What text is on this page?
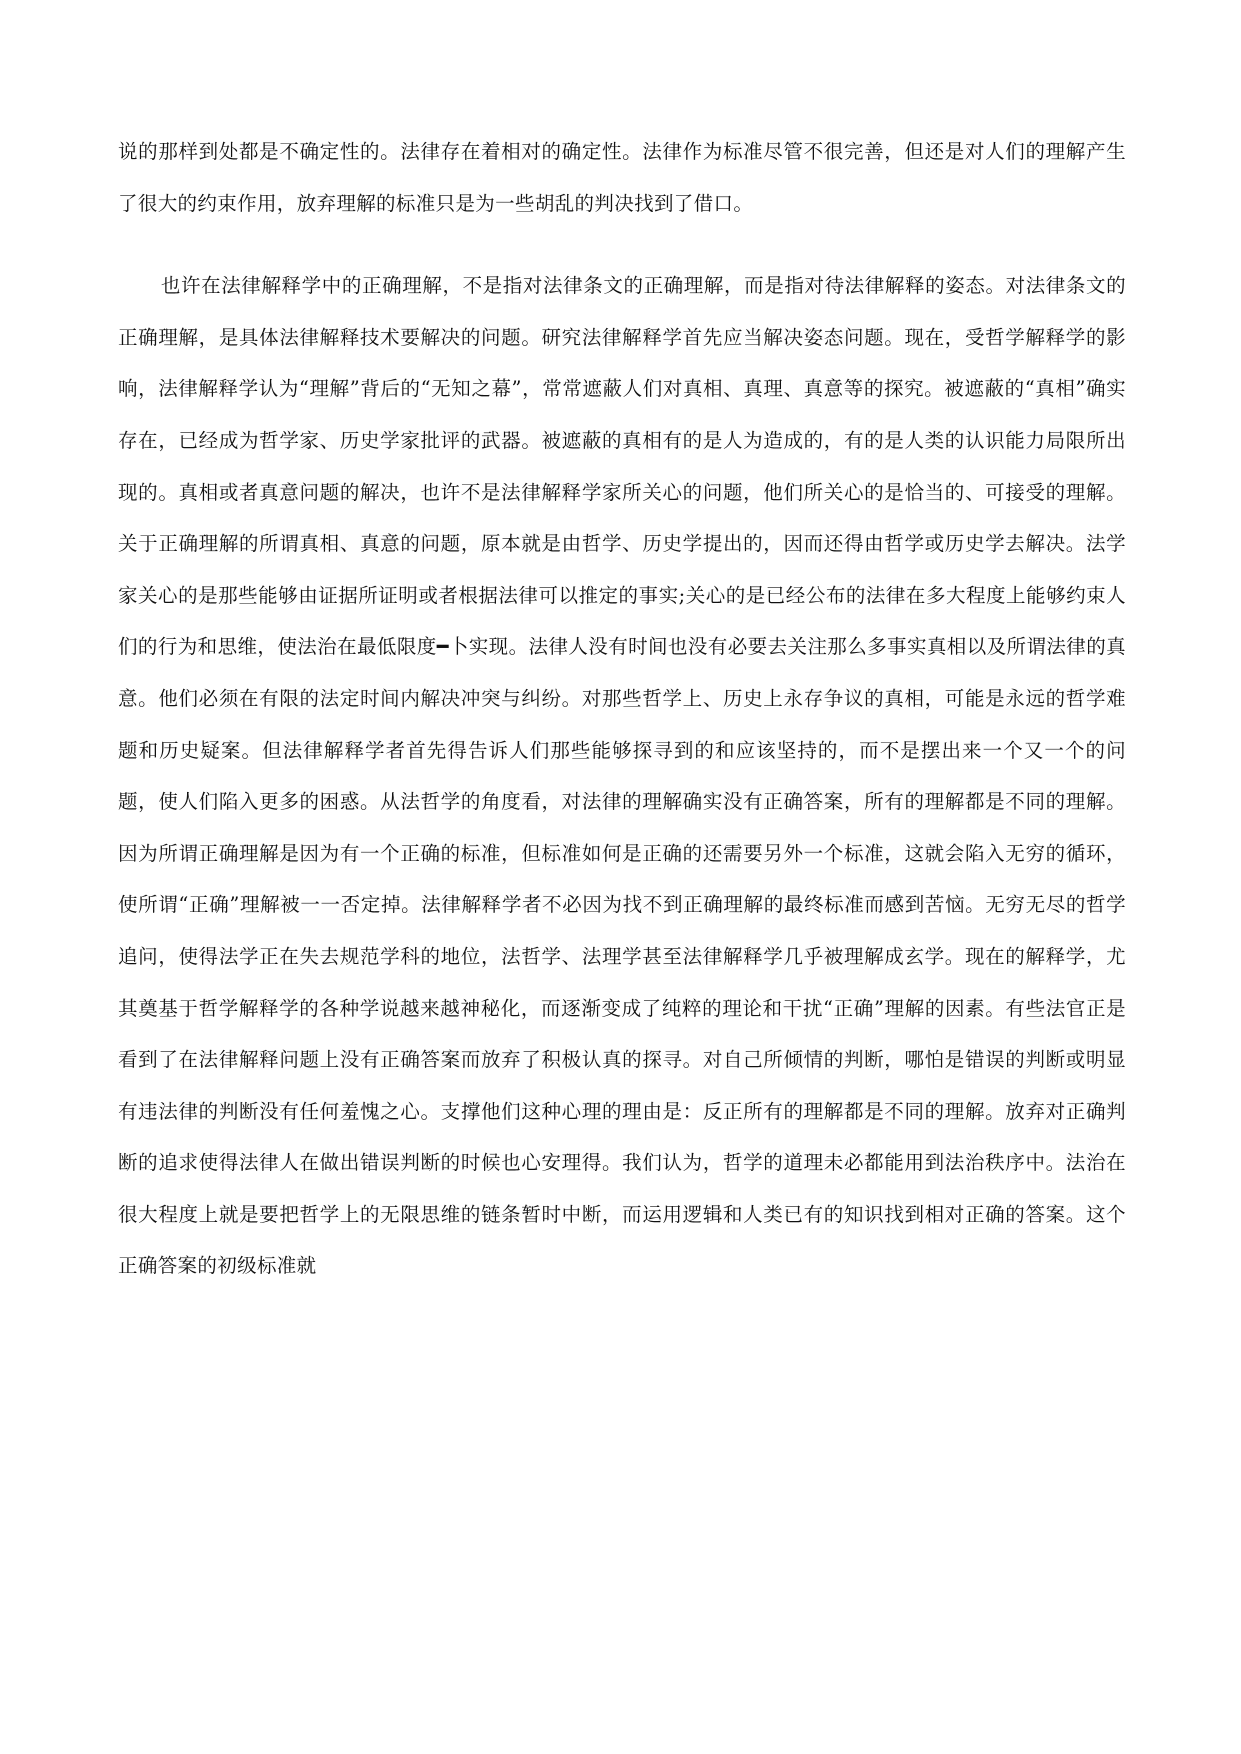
说的那样到处都是不确定性的。法律存在着相对的确定性。法律作为标准尽管不很完善，但还是对人们的理解产生了很大的约束作用，放弃理解的标准只是为一些胡乱的判决找到了借口。

也许在法律解释学中的正确理解，不是指对法律条文的正确理解，而是指对待法律解释的姿态。对法律条文的正确理解，是具体法律解释技术要解决的问题。研究法律解释学首先应当解决姿态问题。现在，受哲学解释学的影响，法律解释学认为“理解”背后的“无知之幕”，常常遮蔽人们对真相、真理、真意等的探究。被遮蔽的“真相”确实存在，已经成为哲学家、历史学家批评的武器。被遮蔽的真相有的是人为造成的，有的是人类的认识能力局限所出现的。真相或者真意问题的解决，也许不是法律解释学家所关心的问题，他们所关心的是恰当的、可接受的理解。关于正确理解的所谓真相、真意的问题，原本就是由哲学、历史学提出的，因而还得由哲学或历史学去解决。法学家关心的是那些能够由证据所证明或者根据法律可以推定的事实;关心的是已经公布的法律在多大程度上能够约束人们的行为和思维，使法治在最低限度━卜实现。法律人没有时间也没有必要去关注那么多事实真相以及所谓法律的真意。他们必须在有限的法定时间内解决冲突与纠纷。对那些哲学上、历史上永存争议的真相，可能是永远的哲学难题和历史疑案。但法律解释学者首先得告诉人们那些能够探寻到的和应该坚持的，而不是摆出来一个又一个的问题，使人们陷入更多的困惑。从法哲学的角度看，对法律的理解确实没有正确答案，所有的理解都是不同的理解。因为所谓正确理解是因为有一个正确的标准，但标准如何是正确的还需要另外一个标准，这就会陷入无穷的循环，使所谓“正确”理解被一一否定掉。法律解释学者不必因为找不到正确理解的最终标准而感到苦恼。无穷无尽的哲学追问，使得法学正在失去规范学科的地位，法哲学、法理学甚至法律解释学几乎被理解成玄学。现在的解释学，尤其奠基于哲学解释学的各种学说越来越神秘化，而逐渐变成了纯粹的理论和干扰“正确”理解的因素。有些法官正是看到了在法律解释问题上没有正确答案而放弃了积极认真的探寻。对自己所倾情的判断，哪怕是错误的判断或明显有违法律的判断没有任何羞愧之心。支撑他们这种心理的理由是：反正所有的理解都是不同的理解。放弃对正确判断的追求使得法律人在做出错误判断的时候也心安理得。我们认为，哲学的道理未必都能用到法治秩序中。法治在很大程度上就是要把哲学上的无限思维的链条暂时中断，而运用逻辑和人类已有的知识找到相对正确的答案。这个正确答案的初级标准就
